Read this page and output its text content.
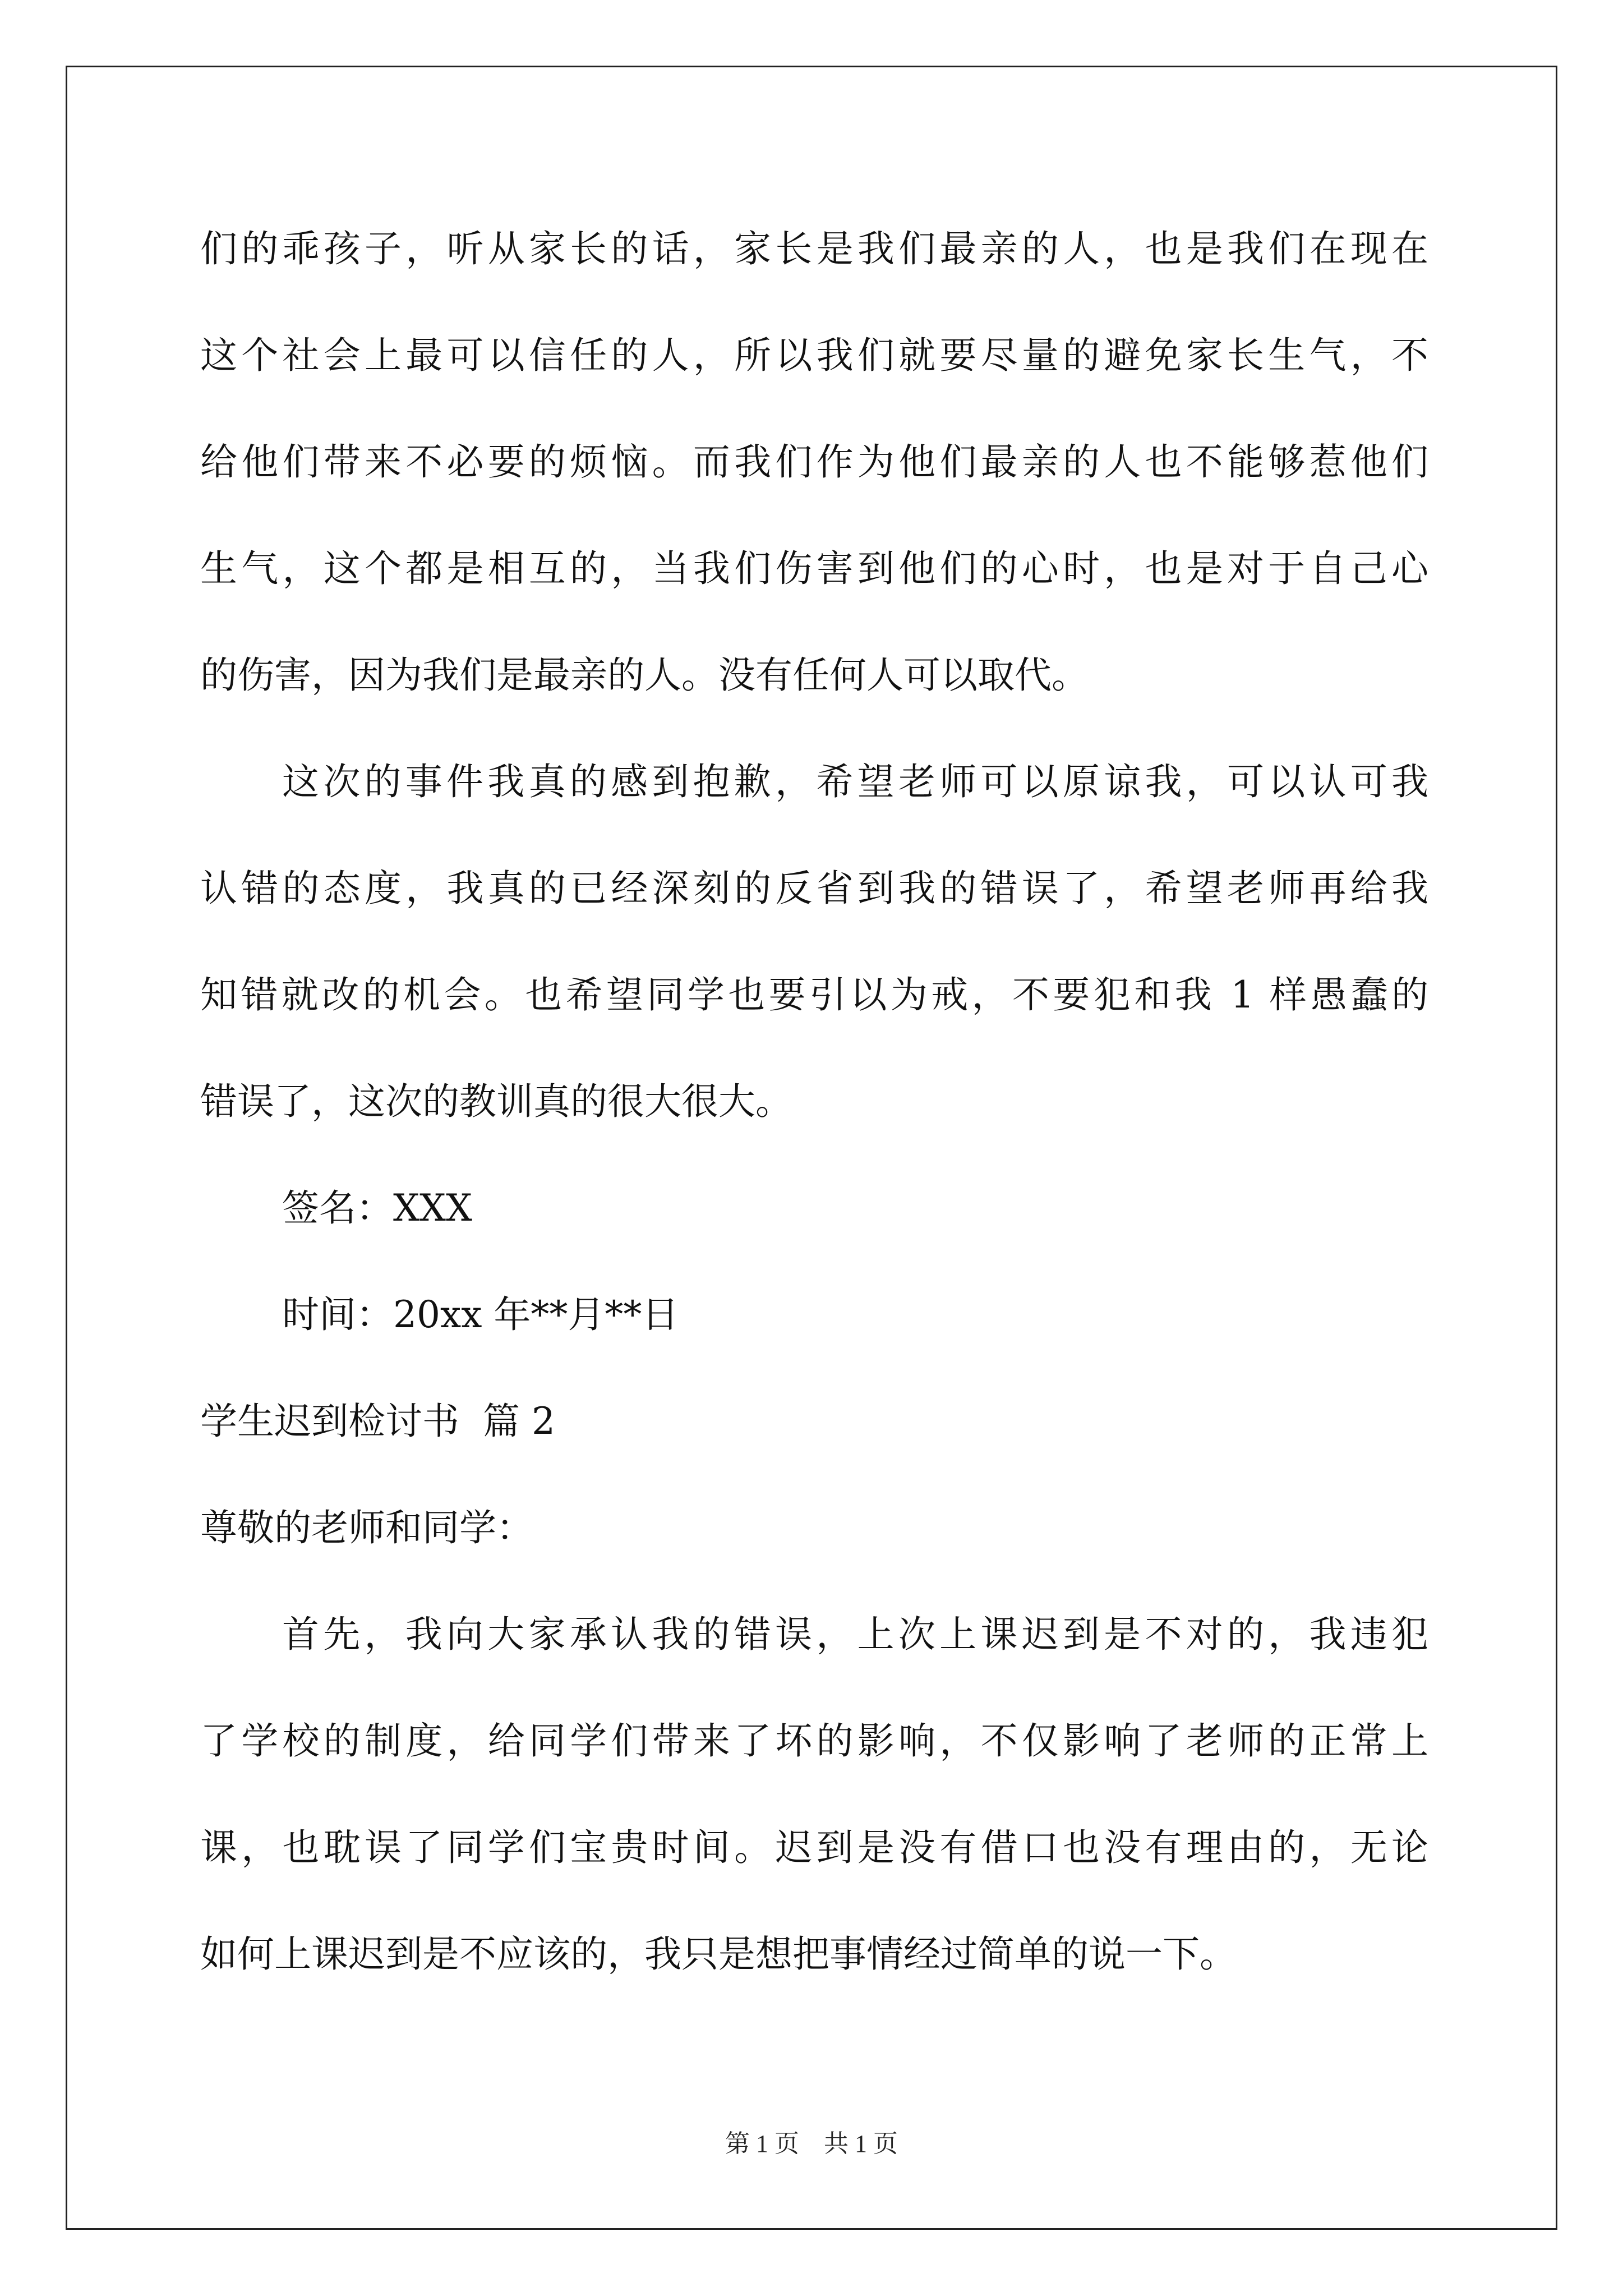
们的乖孩子，听从家长的话，家长是我们最亲的人，也是我们在现在
这个社会上最可以信任的人，所以我们就要尽量的避免家长生气，不
给他们带来不必要的烦恼。而我们作为他们最亲的人也不能够惹他们
生气，这个都是相互的，当我们伤害到他们的心时，也是对于自己心
的伤害，因为我们是最亲的人。没有任何人可以取代。
这次的事件我真的感到抱歉，希望老师可以原谅我，可以认可我
认错的态度，我真的已经深刻的反省到我的错误了，希望老师再给我
知错就改的机会。也希望同学也要引以为戒，不要犯和我 1 样愚蠢的
错误了，这次的教训真的很大很大。
签名：XXX
时间：20xx 年**月**日
学生迟到检讨书  篇 2
尊敬的老师和同学：
首先，我向大家承认我的错误，上次上课迟到是不对的，我违犯
了学校的制度，给同学们带来了坏的影响，不仅影响了老师的正常上
课，也耽误了同学们宝贵时间。迟到是没有借口也没有理由的，无论
如何上课迟到是不应该的，我只是想把事情经过简单的说一下。
第 1 页    共 1 页
